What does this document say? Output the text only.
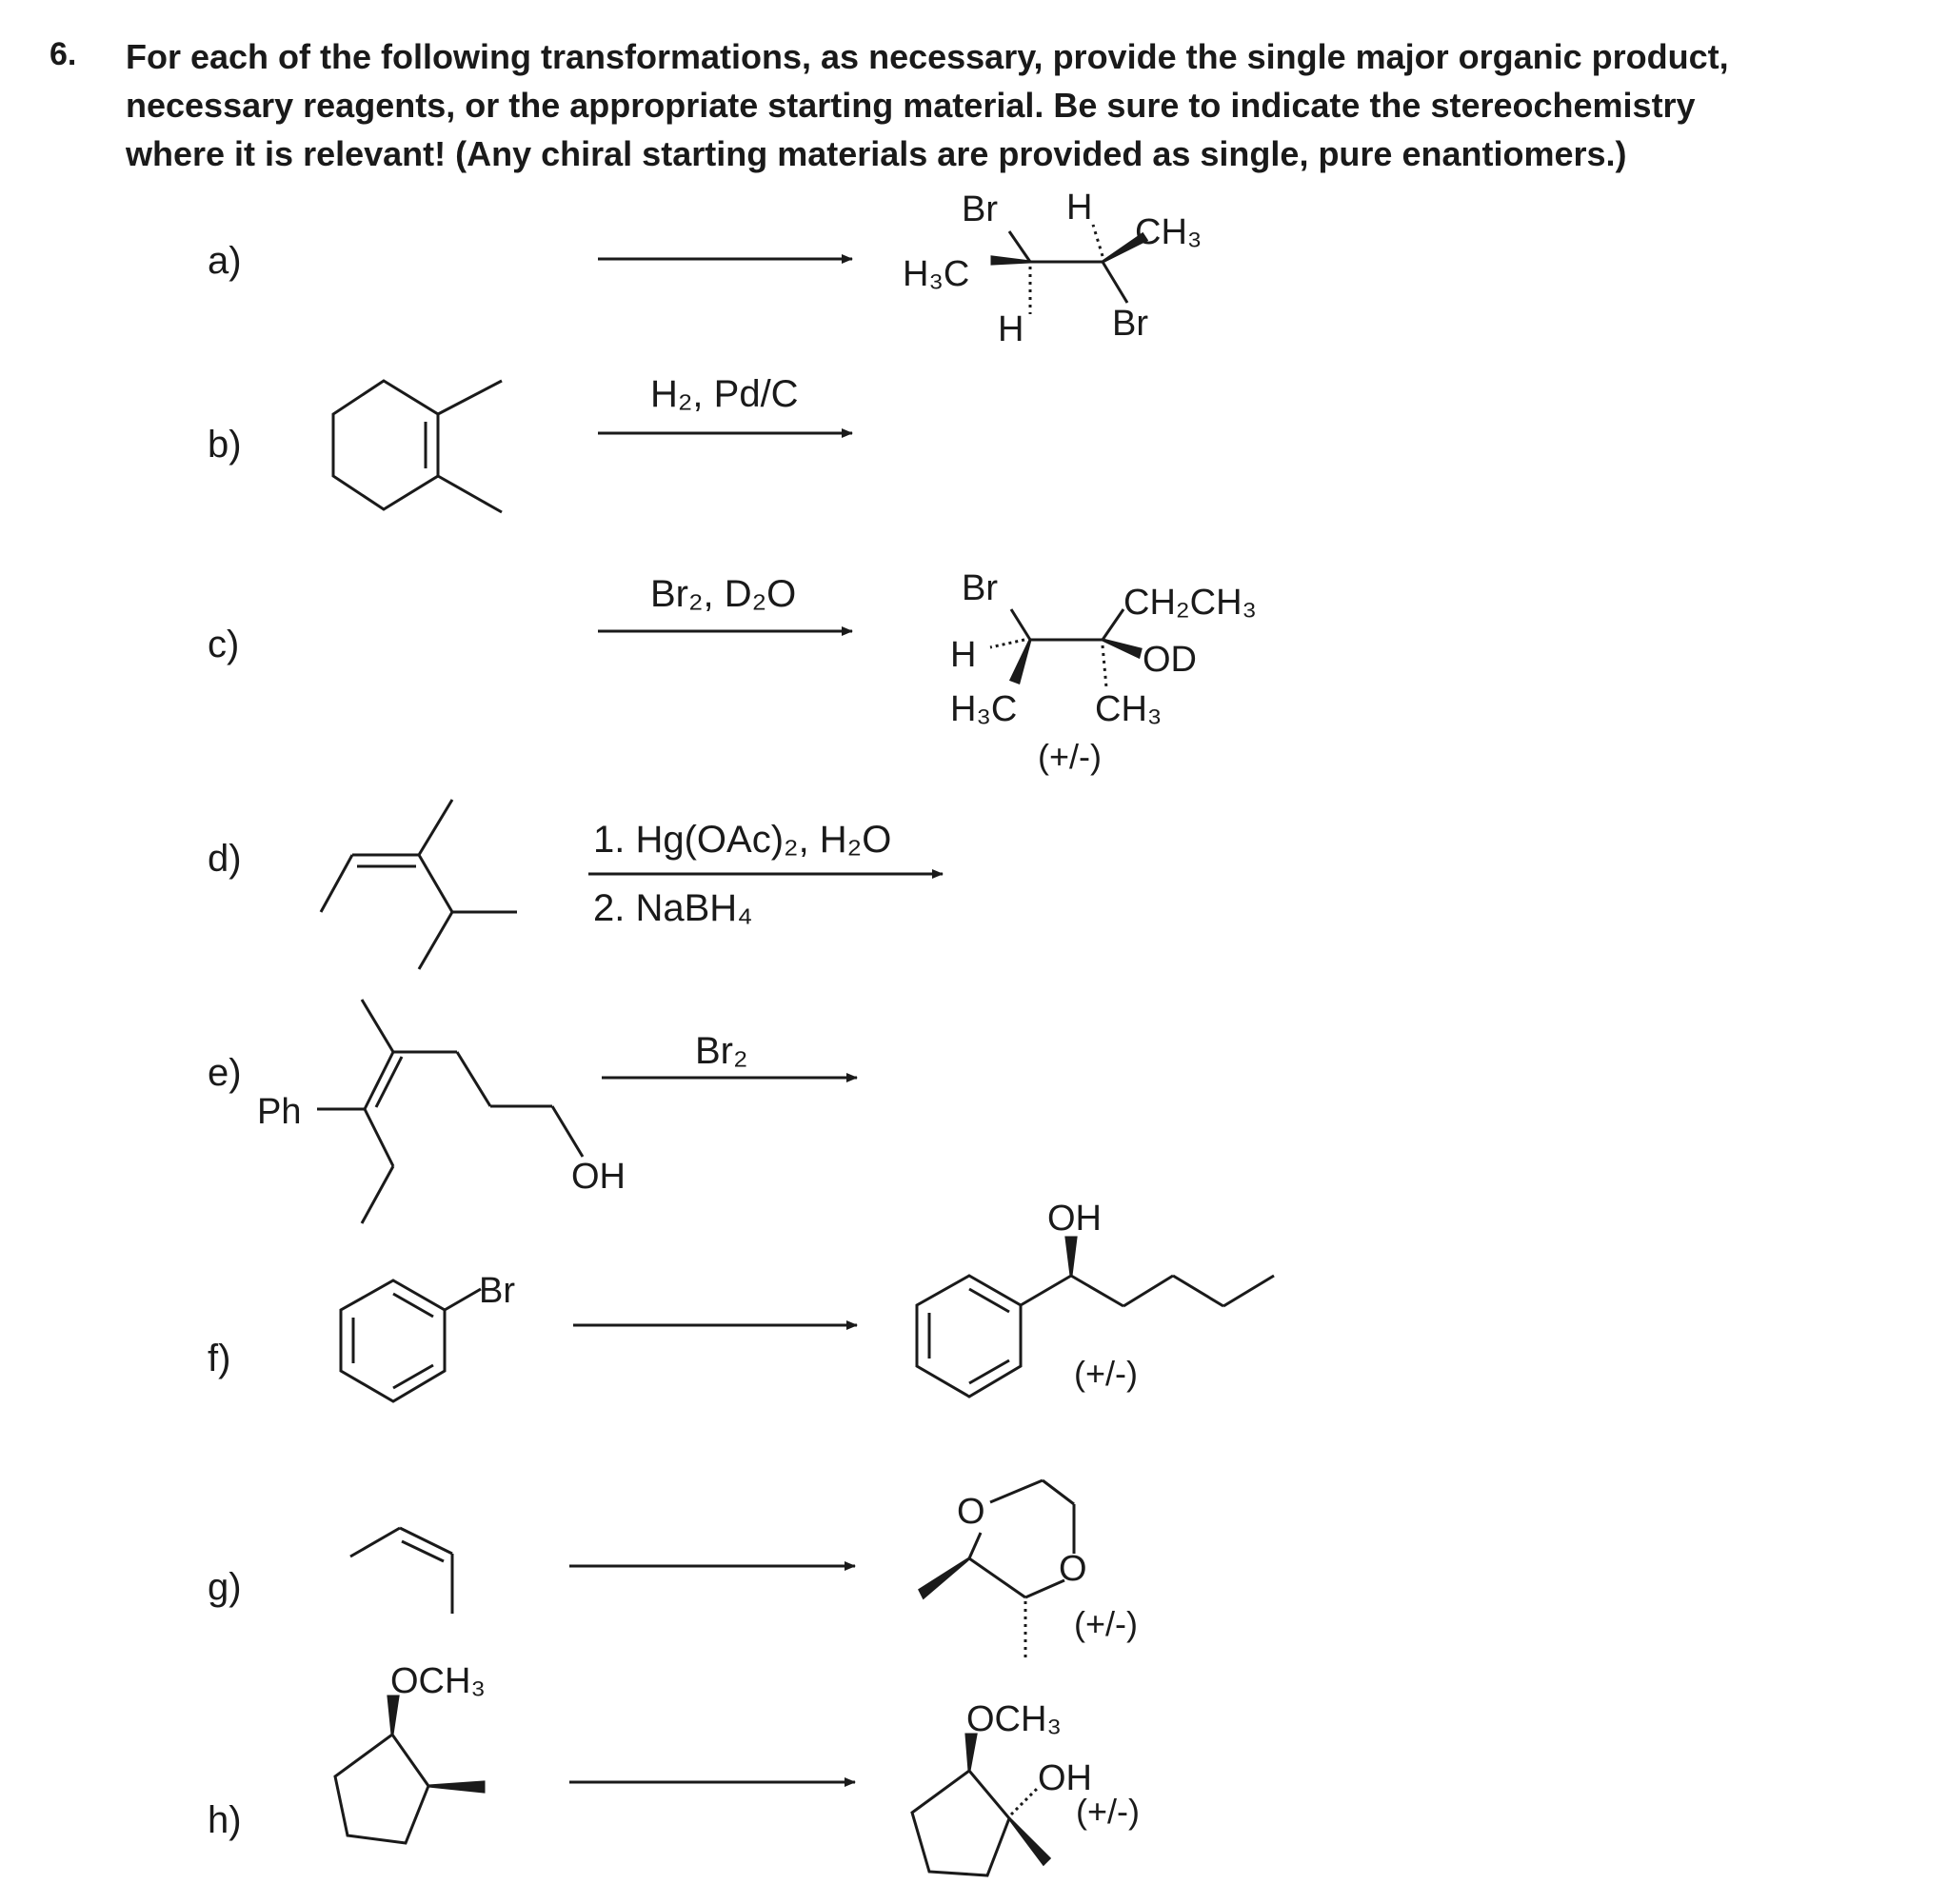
6. For each of the following transformations, as necessary, provide the single major organic product,
necessary reagents, or the appropriate starting material. Be sure to indicate the stereochemistry
where it is relevant! (Any chiral starting materials are provided as single, pure enantiomers.)
a)
b)
c)
d)
e)
f)
g)
h)
H₂, Pd/C
Br₂, D₂O
1. Hg(OAc)₂, H₂O
2. NaBH₄
Br₂
Br H
CH₃
H₃C
H Br
Br	CH₂CH₃
H	OD
H₃C CH₃
(+/-)
Ph
OH
Br
OH
(+/-)
O
O
(+/-)
OCH₃
OCH₃
OH
(+/-)
